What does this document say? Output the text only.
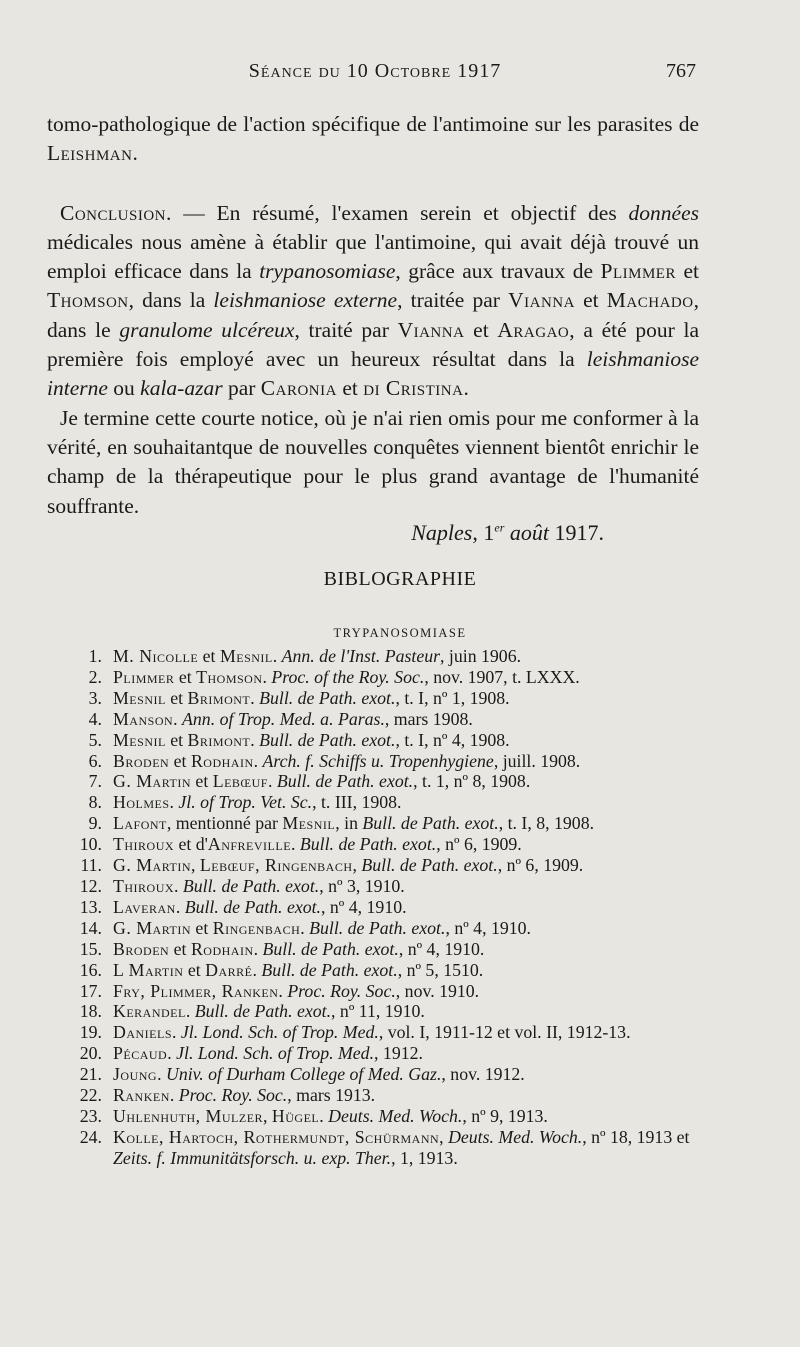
Séance du 10 Octobre 1917	767

tomo-pathologique de l'action spécifique de l'antimoine sur les parasites de Leishman.

Conclusion. — En résumé, l'examen serein et objectif des données médicales nous amène à établir que l'antimoine, qui avait déjà trouvé un emploi efficace dans la trypanosomiase, grâce aux travaux de Plimmer et Thomson, dans la leishmaniose externe, traitée par Vianna et Machado, dans le granulome ulcéreux, traité par Vianna et Aragao, a été pour la première fois employé avec un heureux résultat dans la leishmaniose interne ou kala-azar par Caronia et di Cristina.

Je termine cette courte notice, où je n'ai rien omis pour me conformer à la vérité, en souhaitantque de nouvelles conquêtes viennent bientôt enrichir le champ de la thérapeutique pour le plus grand avantage de l'humanité souffrante.

Naples, 1er août 1917.
BIBLOGRAPHIE
TRYPANOSOMIASE
1. M. Nicolle et Mesnil. Ann. de l'Inst. Pasteur, juin 1906.
2. Plimmer et Thomson. Proc. of the Roy. Soc., nov. 1907, t. LXXX.
3. Mesnil et Brimont. Bull. de Path. exot., t. I, nº 1, 1908.
4. Manson. Ann. of Trop. Med. a. Paras., mars 1908.
5. Mesnil et Brimont. Bull. de Path. exot., t. I, nº 4, 1908.
6. Broden et Rodhain. Arch. f. Schiffs u. Tropenhygiene, juill. 1908.
7. G. Martin et Lebœuf. Bull. de Path. exot., t. 1, nº 8, 1908.
8. Holmes. Jl. of Trop. Vet. Sc., t. III, 1908.
9. Lafont, mentionné par Mesnil, in Bull. de Path. exot., t. I, 8, 1908.
10. Thiroux et d'Anfreville. Bull. de Path. exot., nº 6, 1909.
11. G. Martin, Lebœuf, Ringenbach, Bull. de Path. exot., nº 6, 1909.
12. Thiroux. Bull. de Path. exot., nº 3, 1910.
13. Laveran. Bull. de Path. exot., nº 4, 1910.
14. G. Martin et Ringenbach. Bull. de Path. exot., nº 4, 1910.
15. Broden et Rodhain. Bull. de Path. exot., nº 4, 1910.
16. L Martin et Darré. Bull. de Path. exot., nº 5, 1510.
17. Fry, Plimmer, Ranken. Proc. Roy. Soc., nov. 1910.
18. Kerandel. Bull. de Path. exot., nº 11, 1910.
19. Daniels. Jl. Lond. Sch. of Trop. Med., vol. I, 1911-12 et vol. II, 1912-13.
20. Pécaud. Jl. Lond. Sch. of Trop. Med., 1912.
21. Joung. Univ. of Durham College of Med. Gaz., nov. 1912.
22. Ranken. Proc. Roy. Soc., mars 1913.
23. Uhlenhuth, Mulzer, Hügel. Deuts. Med. Woch., nº 9, 1913.
24. Kolle, Hartoch, Rothermundt, Schürmann, Deuts. Med. Woch., nº 18, 1913 et Zeits. f. Immunitätsforsch. u. exp. Ther., 1, 1913.
